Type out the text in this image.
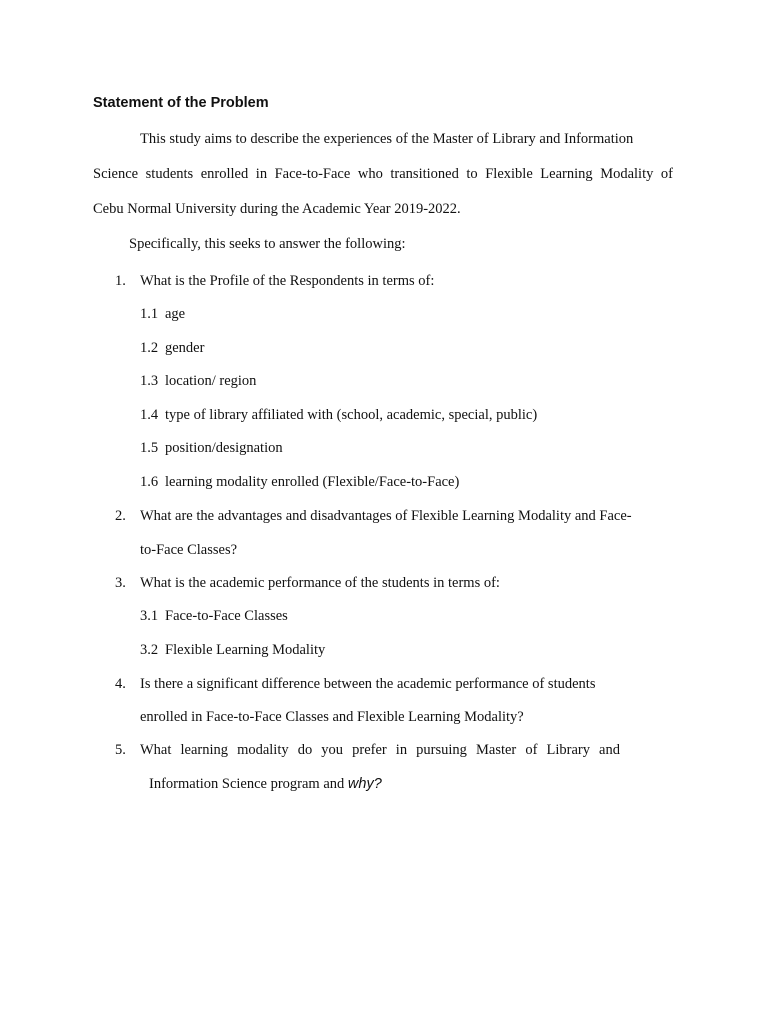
Statement of the Problem
This study aims to describe the experiences of the Master of Library and Information
Science students enrolled in Face-to-Face who transitioned to Flexible Learning Modality of
Cebu Normal University during the Academic Year 2019-2022.
Specifically, this seeks to answer the following:
1. What is the Profile of the Respondents in terms of:
1.1 age
1.2 gender
1.3 location/ region
1.4 type of library affiliated with (school, academic, special, public)
1.5 position/designation
1.6 learning modality enrolled (Flexible/Face-to-Face)
2. What are the advantages and disadvantages of Flexible Learning Modality and Face-
to-Face Classes?
3. What is the academic performance of the students in terms of:
3.1 Face-to-Face Classes
3.2 Flexible Learning Modality
4. Is there a significant difference between the academic performance of students
enrolled in Face-to-Face Classes and Flexible Learning Modality?
5. What learning modality do you prefer in pursuing Master of Library and
Information Science program and why?
